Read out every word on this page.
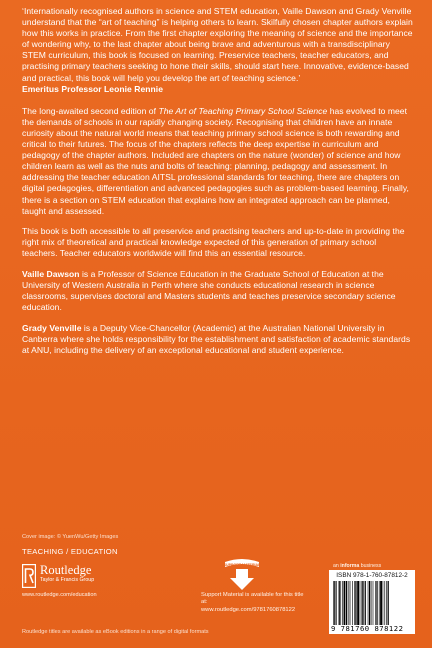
‘Internationally recognised authors in science and STEM education, Vaille Dawson and Grady Venville understand that the “art of teaching” is helping others to learn. Skilfully chosen chapter authors explain how this works in practice. From the first chapter exploring the meaning of science and the importance of wondering why, to the last chapter about being brave and adventurous with a transdisciplinary STEM curriculum, this book is focused on learning. Preservice teachers, teacher educators, and practising primary teachers seeking to hone their skills, should start here. Innovative, evidence-based and practical, this book will help you develop the art of teaching science.’
Emeritus Professor Leonie Rennie

The long-awaited second edition of The Art of Teaching Primary School Science has evolved to meet the demands of schools in our rapidly changing society. Recognising that children have an innate curiosity about the natural world means that teaching primary school science is both rewarding and critical to their futures. The focus of the chapters reflects the deep expertise in curriculum and pedagogy of the chapter authors. Included are chapters on the nature (wonder) of science and how children learn as well as the nuts and bolts of teaching: planning, pedagogy and assessment. In addressing the teacher education AITSL professional standards for teaching, there are chapters on digital pedagogies, differentiation and advanced pedagogies such as problem-based learning. Finally, there is a section on STEM education that explains how an integrated approach can be planned, taught and assessed.

This book is both accessible to all preservice and practising teachers and up-to-date in providing the right mix of theoretical and practical knowledge expected of this generation of primary school teachers. Teacher educators worldwide will find this an essential resource.

Vaille Dawson is a Professor of Science Education in the Graduate School of Education at the University of Western Australia in Perth where she conducts educational research in science classrooms, supervises doctoral and Masters students and teaches preservice secondary science education.

Grady Venville is a Deputy Vice-Chancellor (Academic) at the Australian National University in Canberra where she holds responsibility for the establishment and satisfaction of academic standards at ANU, including the delivery of an exceptional educational and student experience.

Cover image: © YuenWu/Getty Images
TEACHING / EDUCATION
Routledge
Taylor & Francis Group
www.routledge.com/education
SUPPORT MATERIAL
Support Material is available for this title at:
www.routledge.com/9781760878122
an informa business
ISBN 978-1-760-87812-2
9 781760 878122
Routledge titles are available as eBook editions in a range of digital formats
